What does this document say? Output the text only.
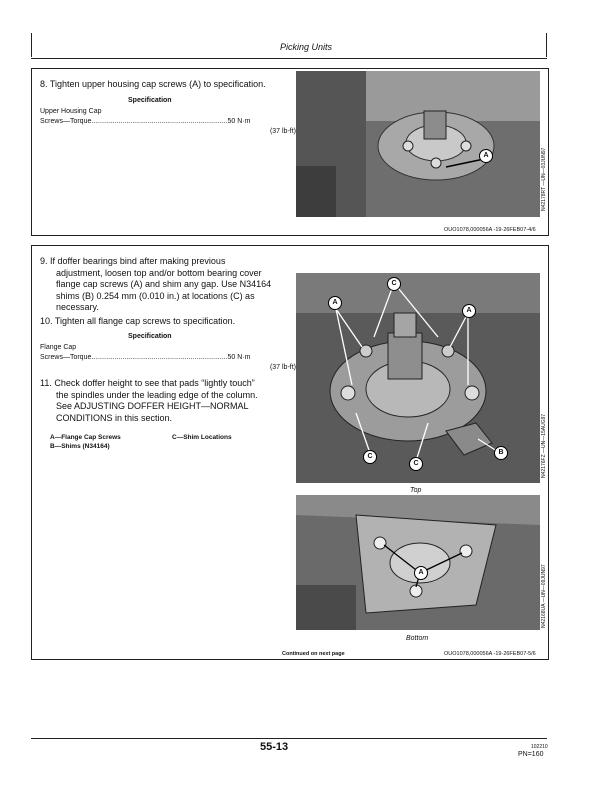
Picking Units
8. Tighten upper housing cap screws (A) to specification.
Specification
Upper Housing Cap
Screws—Torque......................................................................50 N·m
(37 lb-ft)
A	N42178RT —UN—03JUN97
OUO1078,000056A -19-26FEB07-4/6
9. If doffer bearings bind after making previous
adjustment, loosen top and/or bottom bearing cover
flange cap screws (A) and shim any gap. Use N34164
shims (B) 0.254 mm (0.010 in.) at locations (C) as
necessary.
10. Tighten all flange cap screws to specification.
Specification
Flange Cap
Screws—Torque......................................................................50 N·m
(37 lb-ft)
11. Check doffer height to see that pads “lightly touch”
the spindles under the leading edge of the column.
See ADJUSTING DOFFER HEIGHT—NORMAL
CONDITIONS in this section.
A—Flange Cap Screws
B—Shims (N34164)
C—Shim Locations
C
A
A
C
C
B	N42176FZ —UN—15AUG97
Top
A	N42168UA —UN—09JUN97
Bottom
Continued on next page	OUO1078,000056A -19-26FEB07-5/6
55-13	102210
PN=160
